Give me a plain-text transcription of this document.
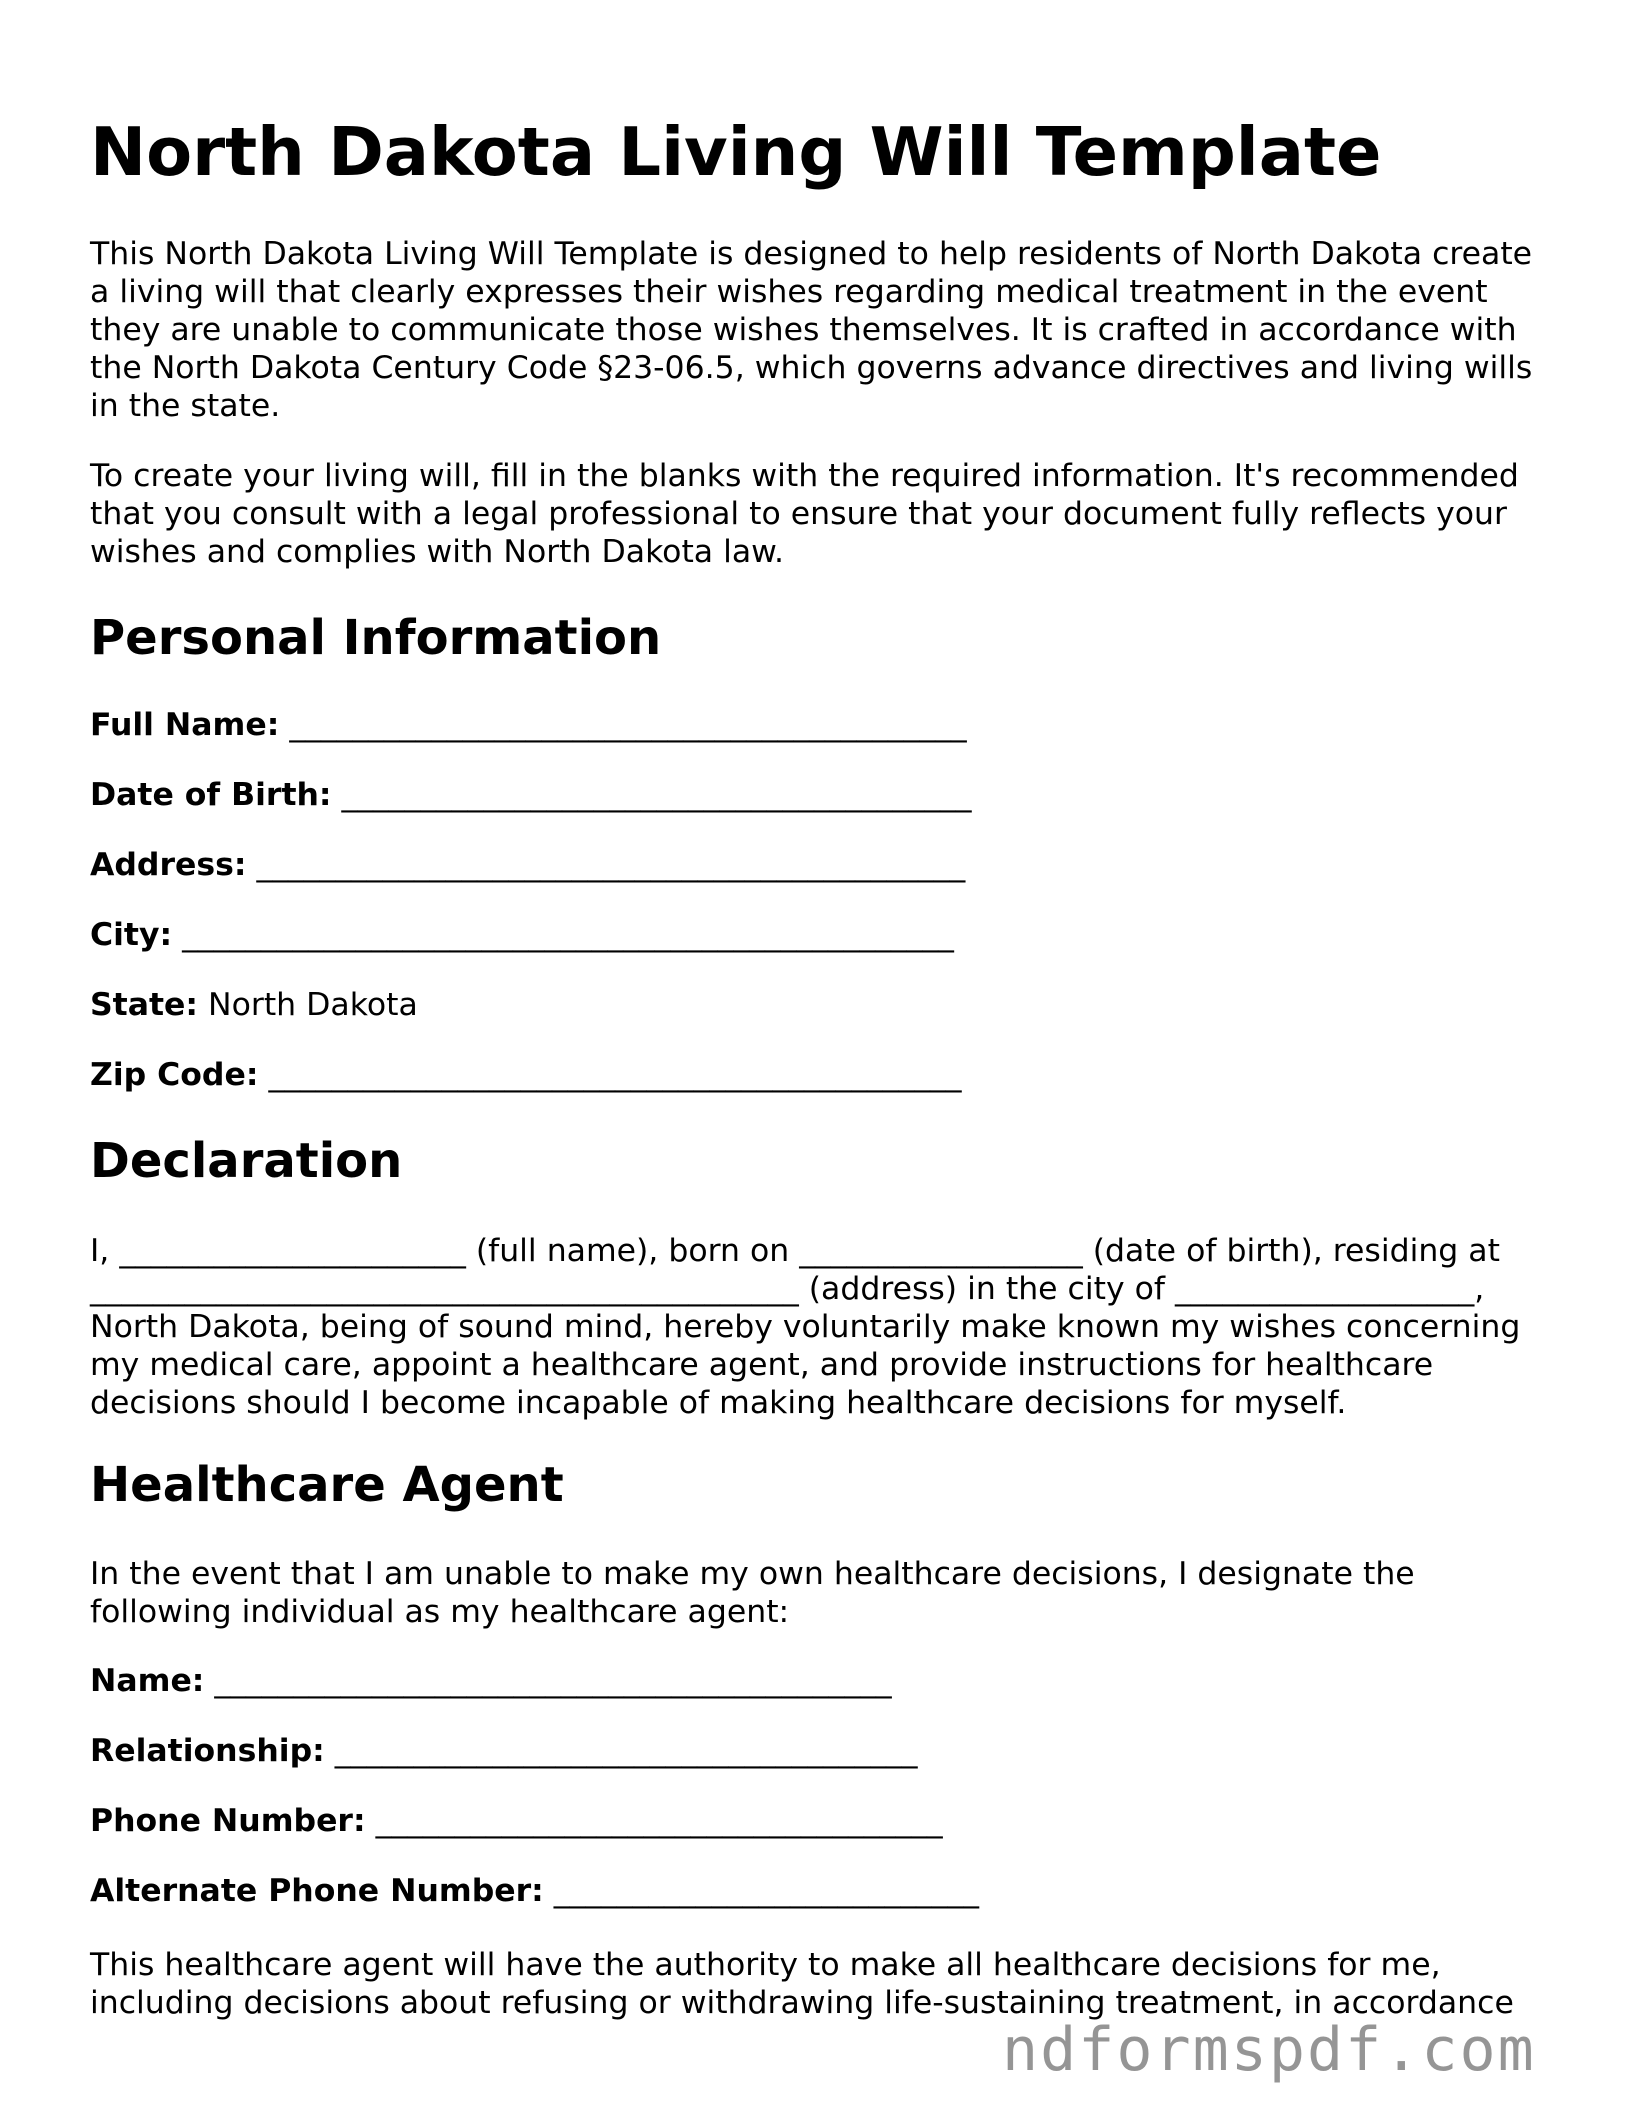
North Dakota Living Will Template

This North Dakota Living Will Template is designed to help residents of North Dakota create a living will that clearly expresses their wishes regarding medical treatment in the event they are unable to communicate those wishes themselves. It is crafted in accordance with the North Dakota Century Code §23-06.5, which governs advance directives and living wills in the state.

To create your living will, fill in the blanks with the required information. It's recommended that you consult with a legal professional to ensure that your document fully reflects your wishes and complies with North Dakota law.

Personal Information
Full Name: ___________________________________________
Date of Birth: ________________________________________
Address: _____________________________________________
City: _________________________________________________
State: North Dakota
Zip Code: ____________________________________________
Declaration
I, ______________________ (full name), born on __________________ (date of birth), residing at
_____________________________________________ (address) in the city of ___________________,
North Dakota, being of sound mind, hereby voluntarily make known my wishes concerning
my medical care, appoint a healthcare agent, and provide instructions for healthcare
decisions should I become incapable of making healthcare decisions for myself.
Healthcare Agent
In the event that I am unable to make my own healthcare decisions, I designate the
following individual as my healthcare agent:
Name: ___________________________________________
Relationship: _____________________________________
Phone Number: ____________________________________
Alternate Phone Number: ___________________________
This healthcare agent will have the authority to make all healthcare decisions for me,
including decisions about refusing or withdrawing life-sustaining treatment, in accordance
ndformspdf.com
